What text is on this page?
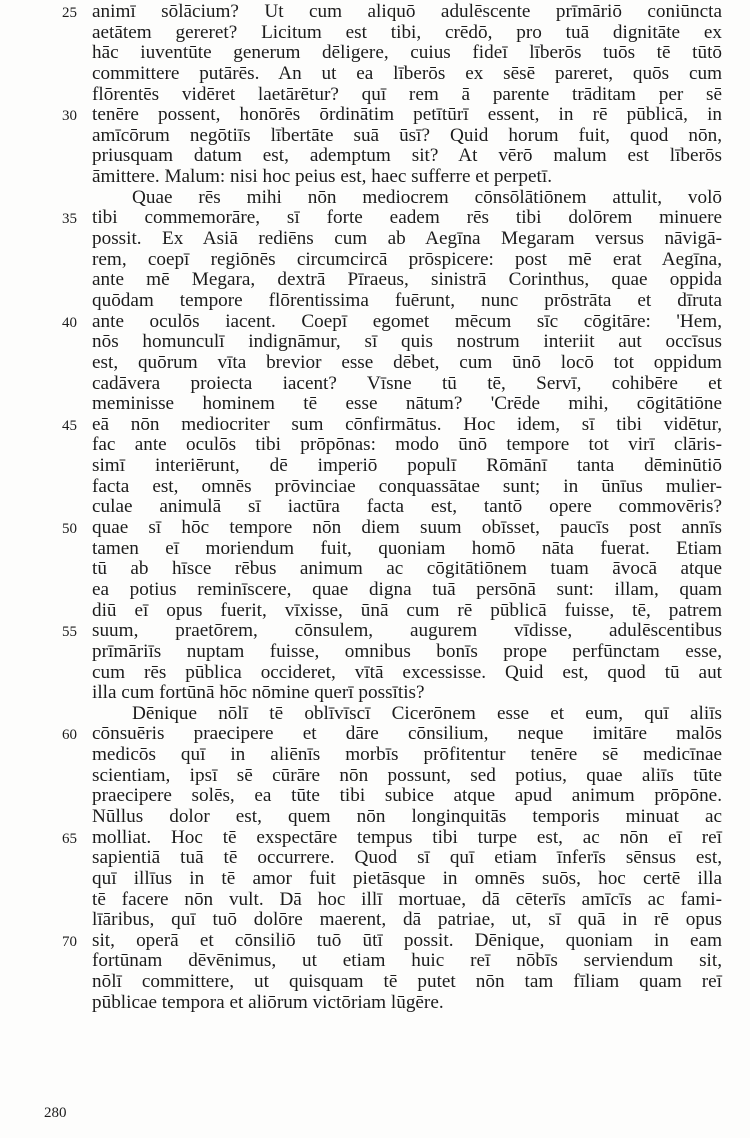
25 animī sōlācium? Ut cum aliquō adulēscente prīmāriō coniūncta
aetātem gereret? Licitum est tibi, crēdō, pro tuā dignitāte ex
hāc iuventūte generum dēligere, cuius fideī līberōs tuōs tē tūtō
committere putārēs. An ut ea līberōs ex sēsē pareret, quōs cum
flōrentēs vidēret laetārētur? quī rem ā parente trāditam per sē
30 tenēre possent, honōrēs ōrdinātim petītūrī essent, in rē pūblicā, in
amīcōrum negōtiīs lībertāte suā ūsī? Quid horum fuit, quod nōn,
priusquam datum est, ademptum sit? At vērō malum est līberōs
āmittere. Malum: nisi hoc peius est, haec sufferre et perpetī.
Quae rēs mihi nōn mediocrem cōnsōlātiōnem attulit, volō
35 tibi commemorāre, sī forte eadem rēs tibi dolōrem minuere
possit. Ex Asiā rediēns cum ab Aegīna Megaram versus nāvigā-
rem, coepī regiōnēs circumcircā prōspicere: post mē erat Aegīna,
ante mē Megara, dextrā Pīraeus, sinistrā Corinthus, quae oppida
quōdam tempore flōrentissima fuērunt, nunc prōstrāta et dīruta
40 ante oculōs iacent. Coepī egomet mēcum sīc cōgitāre: 'Hem,
nōs homunculī indignāmur, sī quis nostrum interiit aut occīsus
est, quōrum vīta brevior esse dēbet, cum ūnō locō tot oppidum
cadāvera proiecta iacent? Vīsne tū tē, Servī, cohibēre et
meminisse hominem tē esse nātum? 'Crēde mihi, cōgitātiōne
45 eā nōn mediocriter sum cōnfirmātus. Hoc idem, sī tibi vidētur,
fac ante oculōs tibi prōpōnas: modo ūnō tempore tot virī clāris-
simī interiērunt, dē imperiō populī Rōmānī tanta dēminūtiō
facta est, omnēs prōvinciae conquassātae sunt; in ūnīus mulier-
culae animulā sī iactūra facta est, tantō opere commovēris?
50 quae sī hōc tempore nōn diem suum obīsset, paucīs post annīs
tamen eī moriendum fuit, quoniam homō nāta fuerat. Etiam
tū ab hīsce rēbus animum ac cōgitātiōnem tuam āvocā atque
ea potius reminīscere, quae digna tuā persōnā sunt: illam, quam
diū eī opus fuerit, vīxisse, ūnā cum rē pūblicā fuisse, tē, patrem
55 suum, praetōrem, cōnsulem, augurem vīdisse, adulēscentibus
prīmāriīs nuptam fuisse, omnibus bonīs prope perfūnctam esse,
cum rēs pūblica occideret, vītā excessisse. Quid est, quod tū aut
illa cum fortūnā hōc nōmine querī possītis?
Dēnique nōlī tē oblīvīscī Cicerōnem esse et eum, quī aliīs
60 cōnsuēris praecipere et dāre cōnsilium, neque imitāre malōs
medicōs quī in aliēnīs morbīs prōfitentur tenēre sē medicīnae
scientiam, ipsī sē cūrāre nōn possunt, sed potius, quae aliīs tūte
praecipere solēs, ea tūte tibi subice atque apud animum prōpōne.
Nūllus dolor est, quem nōn longinquitās temporis minuat ac
65 molliat. Hoc tē exspectāre tempus tibi turpe est, ac nōn eī reī
sapientiā tuā tē occurrere. Quod sī quī etiam īnferīs sēnsus est,
quī illīus in tē amor fuit pietāsque in omnēs suōs, hoc certē illa
tē facere nōn vult. Dā hoc illī mortuae, dā cēterīs amīcīs ac fami-
līāribus, quī tuō dolōre maerent, dā patriae, ut, sī quā in rē opus
70 sit, operā et cōnsiliō tuō ūtī possit. Dēnique, quoniam in eam
fortūnam dēvēnimus, ut etiam huic reī nōbīs serviendum sit,
nōlī committere, ut quisquam tē putet nōn tam fīliam quam reī
pūblicae tempora et aliōrum victōriam lūgēre.
280
